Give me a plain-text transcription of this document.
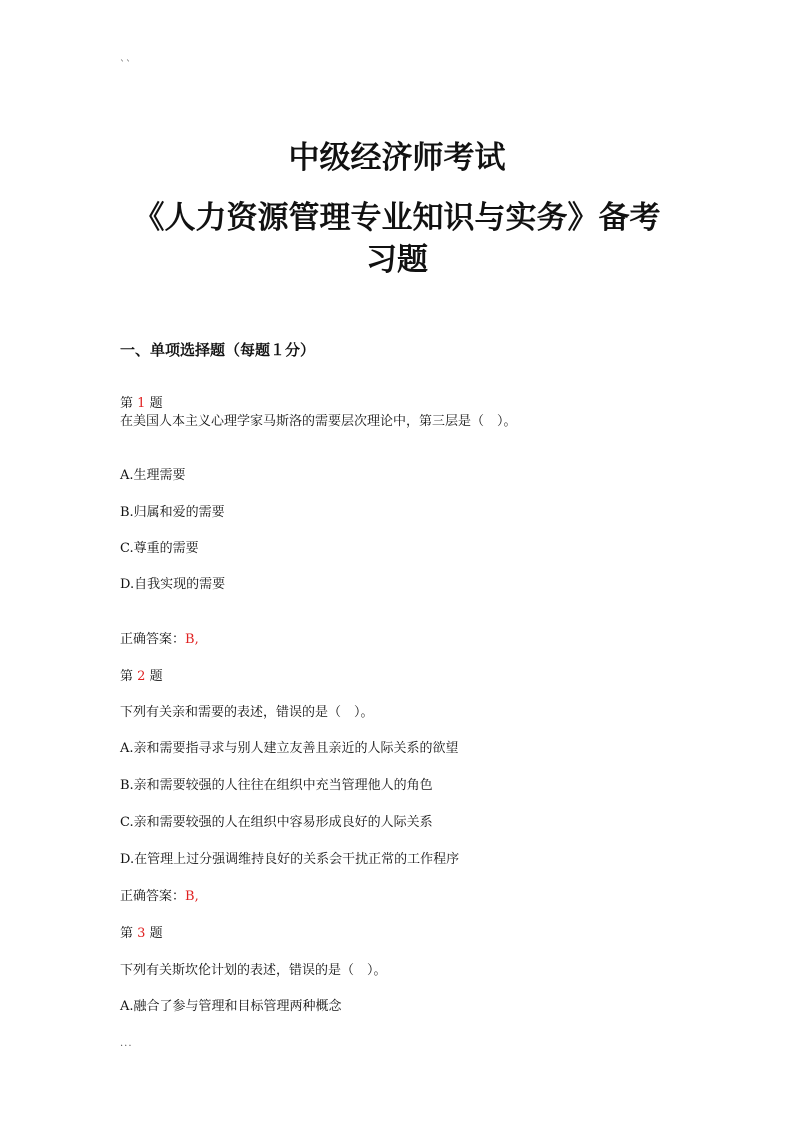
``
中级经济师考试
《人力资源管理专业知识与实务》备考
习题
一、单项选择题（每题１分）
第 1 题
在美国人本主义心理学家马斯洛的需要层次理论中，第三层是（　）。
A.生理需要
B.归属和爱的需要
C.尊重的需要
D.自我实现的需要
正确答案：B,
第 2 题
下列有关亲和需要的表述，错误的是（　）。
A.亲和需要指寻求与别人建立友善且亲近的人际关系的欲望
B.亲和需要较强的人往往在组织中充当管理他人的角色
C.亲和需要较强的人在组织中容易形成良好的人际关系
D.在管理上过分强调维持良好的关系会干扰正常的工作程序
正确答案：B,
第 3 题
下列有关斯坎伦计划的表述，错误的是（　）。
A.融合了参与管理和目标管理两种概念
...
